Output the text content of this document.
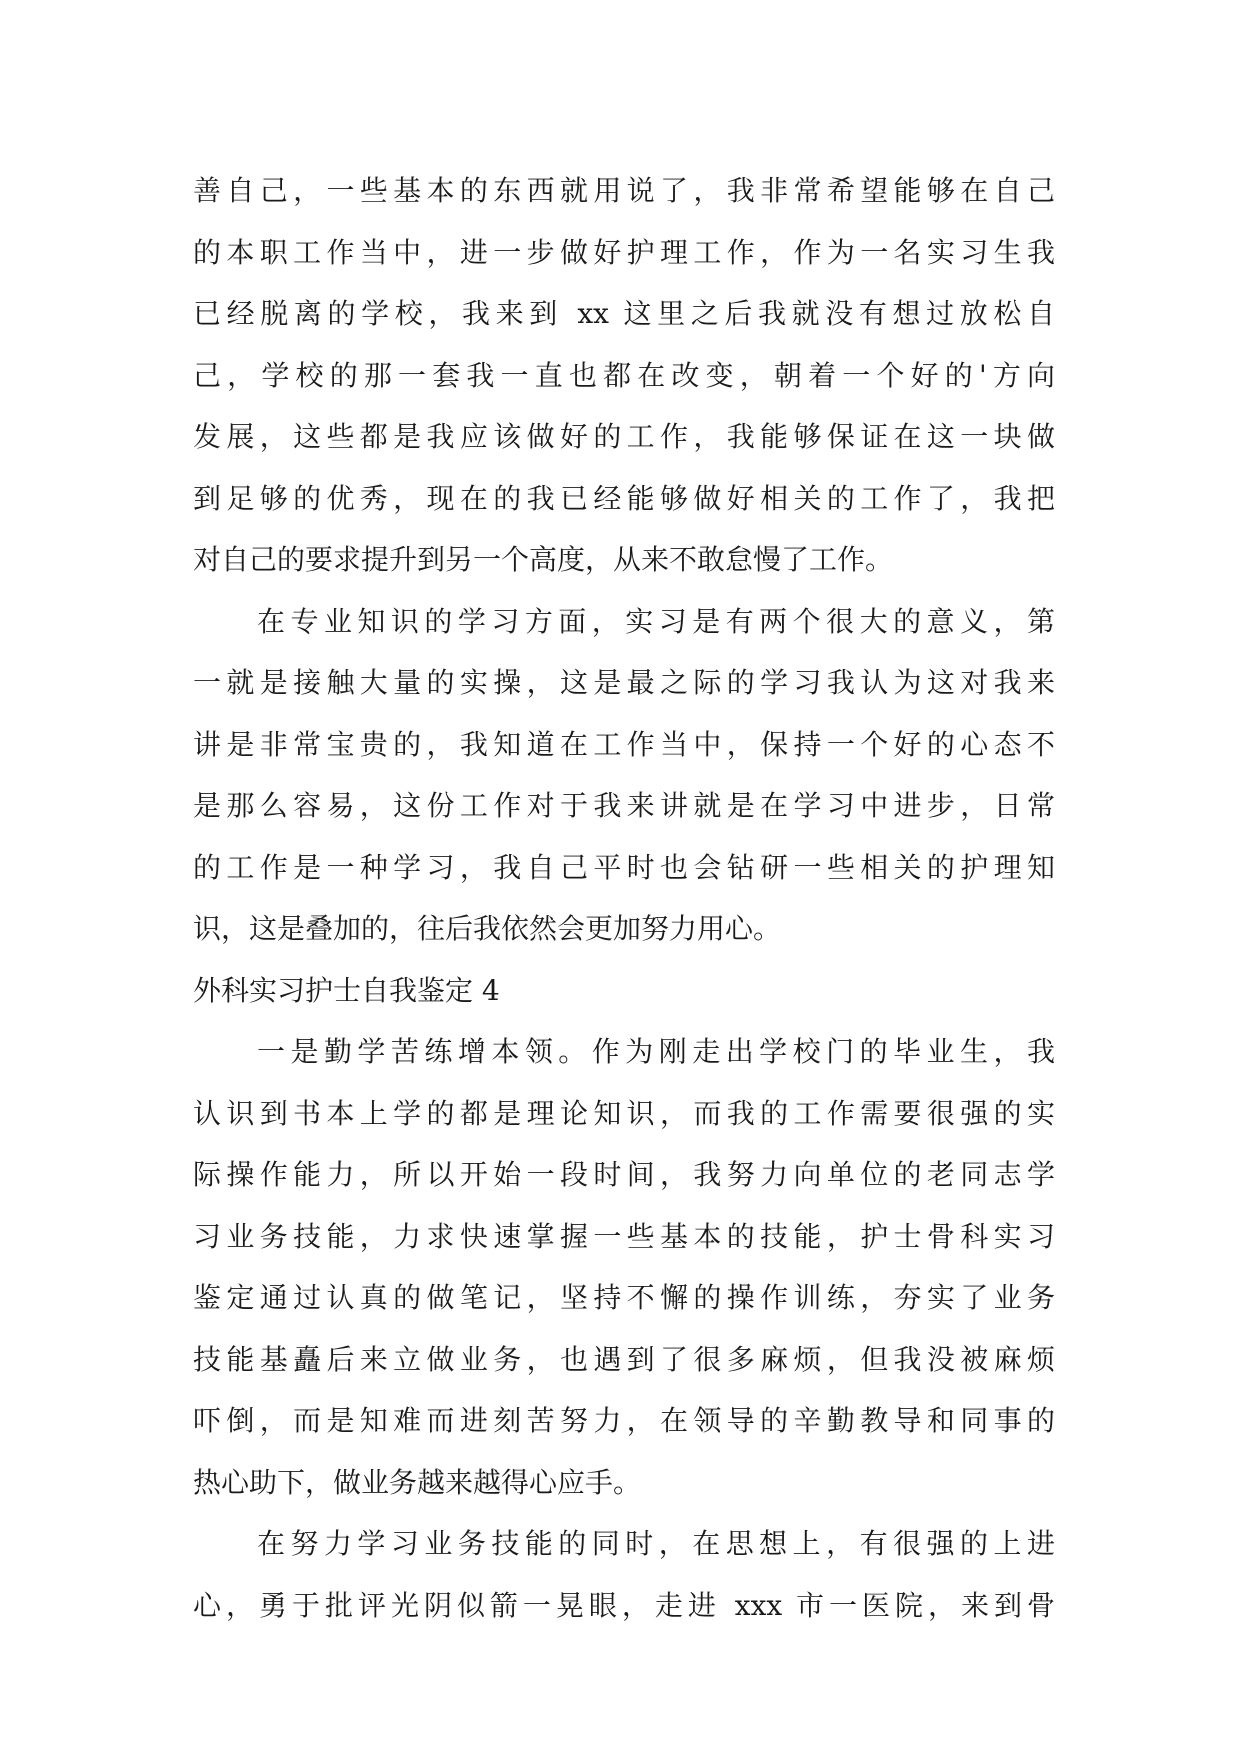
善自己，一些基本的东西就用说了，我非常希望能够在自己
的本职工作当中，进一步做好护理工作，作为一名实习生我
已经脱离的学校，我来到 xx 这里之后我就没有想过放松自
己，学校的那一套我一直也都在改变，朝着一个好的'方向
发展，这些都是我应该做好的工作，我能够保证在这一块做
到足够的优秀，现在的我已经能够做好相关的工作了，我把
对自己的要求提升到另一个高度，从来不敢怠慢了工作。
在专业知识的学习方面，实习是有两个很大的意义，第
一就是接触大量的实操，这是最之际的学习我认为这对我来
讲是非常宝贵的，我知道在工作当中，保持一个好的心态不
是那么容易，这份工作对于我来讲就是在学习中进步，日常
的工作是一种学习，我自己平时也会钻研一些相关的护理知
识，这是叠加的，往后我依然会更加努力用心。
外科实习护士自我鉴定 4
一是勤学苦练增本领。作为刚走出学校门的毕业生，我
认识到书本上学的都是理论知识，而我的工作需要很强的实
际操作能力，所以开始一段时间，我努力向单位的老同志学
习业务技能，力求快速掌握一些基本的技能，护士骨科实习
鉴定通过认真的做笔记，坚持不懈的操作训练，夯实了业务
技能基矗后来立做业务，也遇到了很多麻烦，但我没被麻烦
吓倒，而是知难而进刻苦努力，在领导的辛勤教导和同事的
热心助下，做业务越来越得心应手。
在努力学习业务技能的同时，在思想上，有很强的上进
心，勇于批评光阴似箭一晃眼，走进 xxx 市一医院，来到骨
